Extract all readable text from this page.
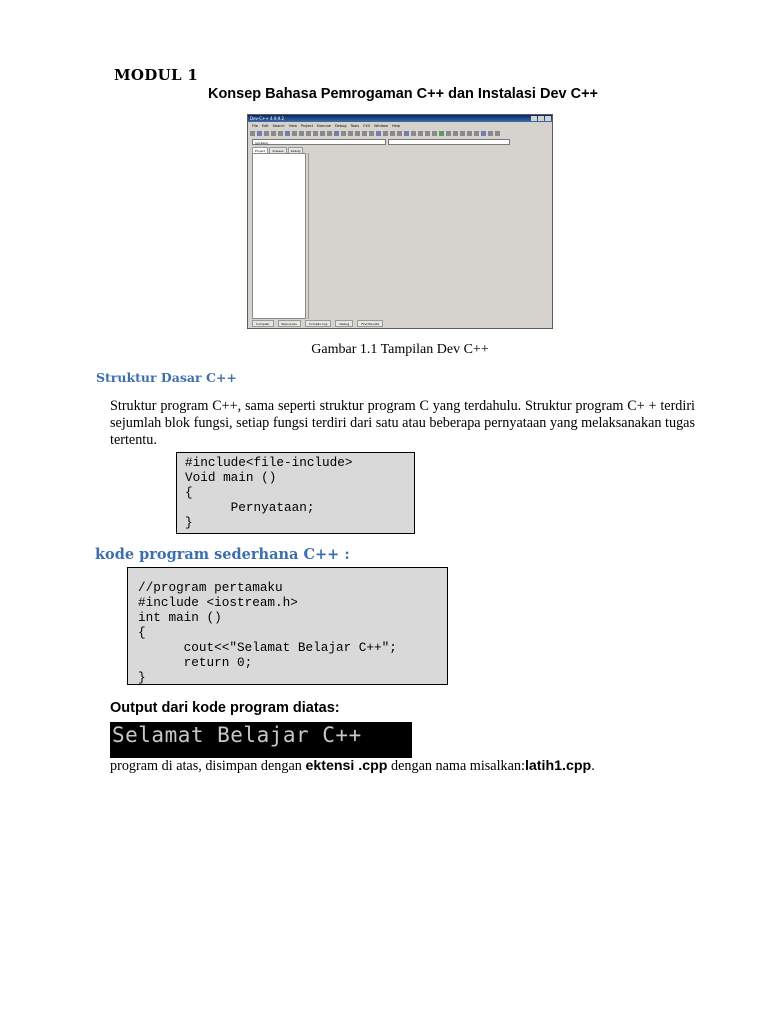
MODUL 1
Konsep Bahasa Pemrogaman C++ dan Instalasi Dev C++
Dev-C++ 4.9.9.2
File Edit Search View Project Execute Debug Tools CVS Window Help
(globals)
Project	Classes	Debug
Compiler	Resources	Compile Log	Debug	Find Results
Gambar 1.1 Tampilan Dev C++
Struktur Dasar C++
Struktur program C++, sama seperti struktur program C yang terdahulu. Struktur program C+ + terdiri sejumlah blok fungsi, setiap fungsi terdiri dari satu atau beberapa pernyataan yang melaksanakan tugas tertentu.
#include<file-include>
Void main ()
{
Pernyataan;
}
kode program sederhana C++ :
//program pertamaku
#include <iostream.h>
int main ()
{
cout<<"Selamat Belajar C++";
return 0;
}
Output dari kode program diatas:
Selamat Belajar C++
program di atas, disimpan dengan ektensi .cpp dengan nama misalkan:latih1.cpp.
